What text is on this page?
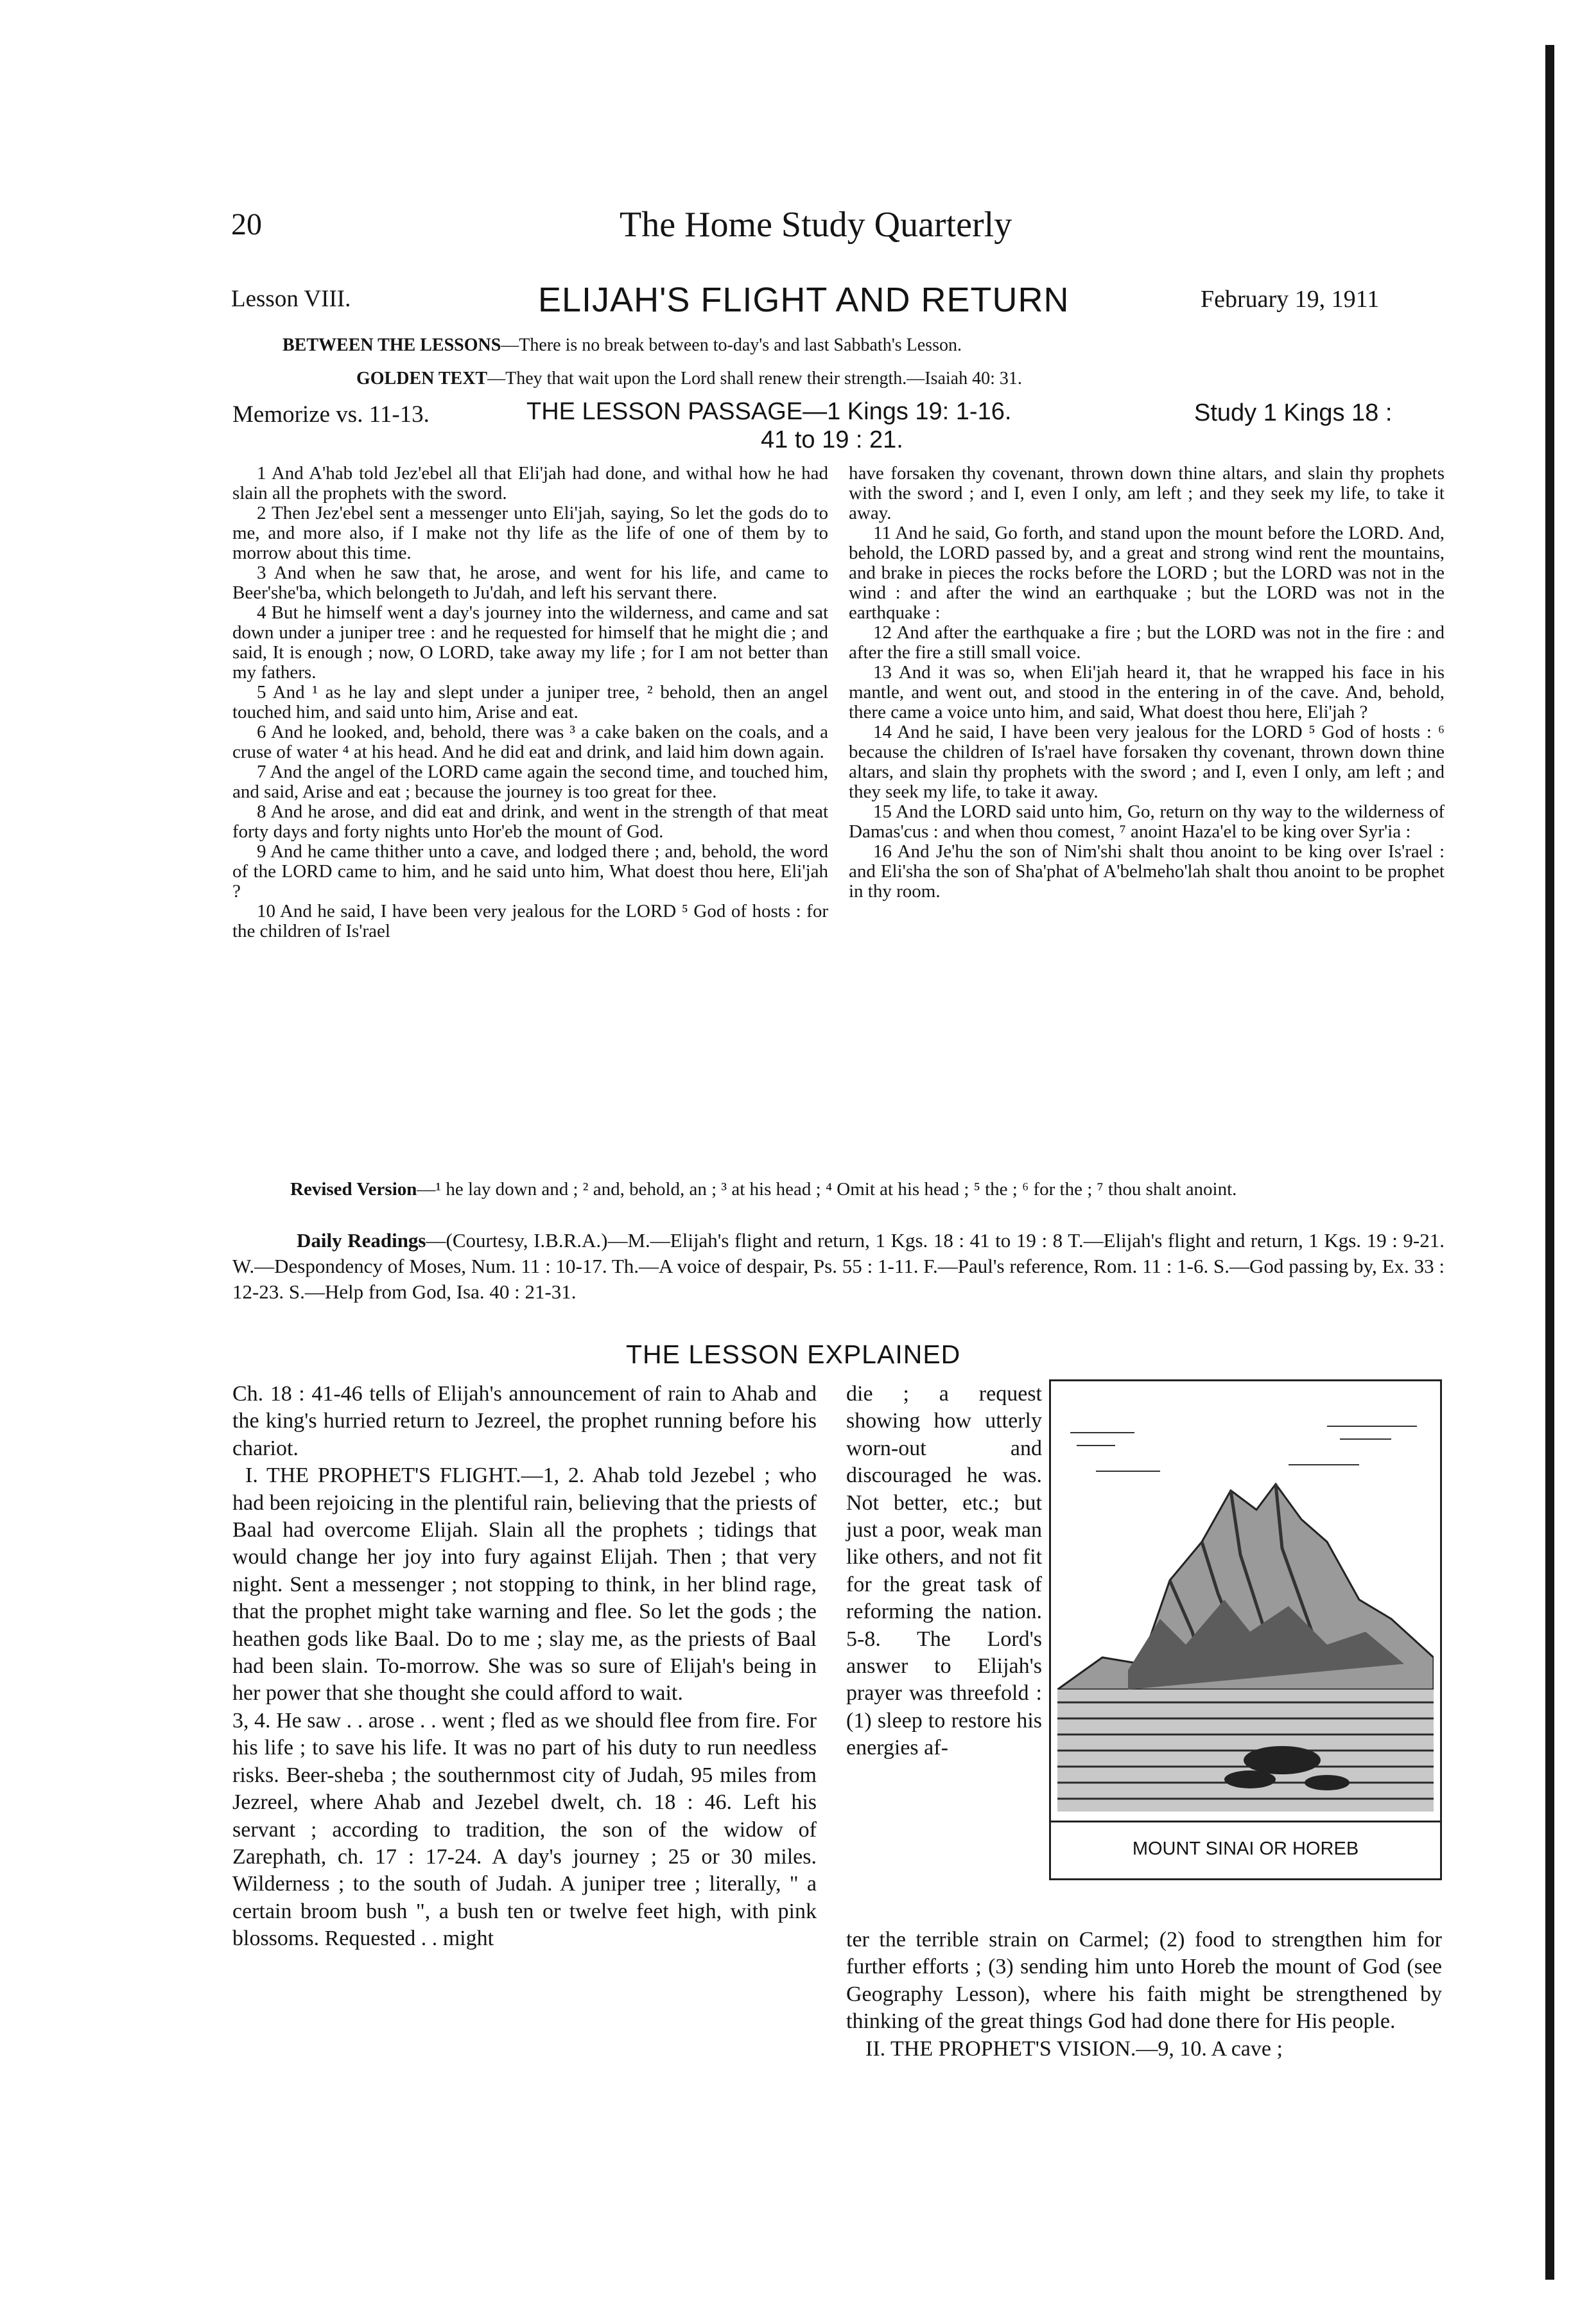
20	The Home Study Quarterly
Lesson VIII.	ELIJAH'S FLIGHT AND RETURN	February 19, 1911
BETWEEN THE LESSONS—There is no break between to-day's and last Sabbath's Lesson.
GOLDEN TEXT—They that wait upon the Lord shall renew their strength.—Isaiah 40: 31.
Memorize vs. 11-13.	THE LESSON PASSAGE—1 Kings 19: 1-16.	Study 1 Kings 18 :
41 to 19 : 21.

1 And A'hab told Jez'ebel all that Eli'jah had done, and withal how he had slain all the prophets with the sword.

2 Then Jez'ebel sent a messenger unto Eli'jah, saying, So let the gods do to me, and more also, if I make not thy life as the life of one of them by to morrow about this time.

3 And when he saw that, he arose, and went for his life, and came to Beer'she'ba, which belongeth to Ju'dah, and left his servant there.

4 But he himself went a day's journey into the wilderness, and came and sat down under a juniper tree : and he requested for himself that he might die ; and said, It is enough ; now, O LORD, take away my life ; for I am not better than my fathers.

5 And ¹ as he lay and slept under a juniper tree, ² behold, then an angel touched him, and said unto him, Arise and eat.

6 And he looked, and, behold, there was ³ a cake baken on the coals, and a cruse of water ⁴ at his head. And he did eat and drink, and laid him down again.

7 And the angel of the LORD came again the second time, and touched him, and said, Arise and eat ; because the journey is too great for thee.

8 And he arose, and did eat and drink, and went in the strength of that meat forty days and forty nights unto Hor'eb the mount of God.

9 And he came thither unto a cave, and lodged there ; and, behold, the word of the LORD came to him, and he said unto him, What doest thou here, Eli'jah ?

10 And he said, I have been very jealous for the LORD ⁵ God of hosts : for the children of Is'rael

have forsaken thy covenant, thrown down thine altars, and slain thy prophets with the sword ; and I, even I only, am left ; and they seek my life, to take it away.

11 And he said, Go forth, and stand upon the mount before the LORD. And, behold, the LORD passed by, and a great and strong wind rent the mountains, and brake in pieces the rocks before the LORD ; but the LORD was not in the wind : and after the wind an earthquake ; but the LORD was not in the earthquake :

12 And after the earthquake a fire ; but the LORD was not in the fire : and after the fire a still small voice.

13 And it was so, when Eli'jah heard it, that he wrapped his face in his mantle, and went out, and stood in the entering in of the cave. And, behold, there came a voice unto him, and said, What doest thou here, Eli'jah ?

14 And he said, I have been very jealous for the LORD ⁵ God of hosts : ⁶ because the children of Is'rael have forsaken thy covenant, thrown down thine altars, and slain thy prophets with the sword ; and I, even I only, am left ; and they seek my life, to take it away.

15 And the LORD said unto him, Go, return on thy way to the wilderness of Damas'cus : and when thou comest, ⁷ anoint Haza'el to be king over Syr'ia :

16 And Je'hu the son of Nim'shi shalt thou anoint to be king over Is'rael : and Eli'sha the son of Sha'phat of A'belmeho'lah shalt thou anoint to be prophet in thy room.

Revised Version—¹ he lay down and ; ² and, behold, an ; ³ at his head ; ⁴ Omit at his head ; ⁵ the ; ⁶ for the ; ⁷ thou shalt anoint.
Daily Readings—(Courtesy, I.B.R.A.)—M.—Elijah's flight and return, 1 Kgs. 18 : 41 to 19 : 8 T.—Elijah's flight and return, 1 Kgs. 19 : 9-21. W.—Despondency of Moses, Num. 11 : 10-17. Th.—A voice of despair, Ps. 55 : 1-11. F.—Paul's reference, Rom. 11 : 1-6. S.—God passing by, Ex. 33 : 12-23. S.—Help from God, Isa. 40 : 21-31.
THE LESSON EXPLAINED

Ch. 18 : 41-46 tells of Elijah's announcement of rain to Ahab and the king's hurried return to Jezreel, the prophet running before his chariot.

I. THE PROPHET'S FLIGHT.—1, 2. Ahab told Jezebel ; who had been rejoicing in the plentiful rain, believing that the priests of Baal had overcome Elijah. Slain all the prophets ; tidings that would change her joy into fury against Elijah. Then ; that very night. Sent a messenger ; not stopping to think, in her blind rage, that the prophet might take warning and flee. So let the gods ; the heathen gods like Baal. Do to me ; slay me, as the priests of Baal had been slain. To-morrow. She was so sure of Elijah's being in her power that she thought she could afford to wait.

3, 4. He saw . . arose . . went ; fled as we should flee from fire. For his life ; to save his life. It was no part of his duty to run needless risks. Beer-sheba ; the southernmost city of Judah, 95 miles from Jezreel, where Ahab and Jezebel dwelt, ch. 18 : 46. Left his servant ; according to tradition, the son of the widow of Zarephath, ch. 17 : 17-24. A day's journey ; 25 or 30 miles. Wilderness ; to the south of Judah. A juniper tree ; literally, " a certain broom bush ", a bush ten or twelve feet high, with pink blossoms. Requested . . might

die ; a request showing how utterly worn-out and discouraged he was. Not better, etc.; but just a poor, weak man like others, and not fit for the great task of reforming the nation. 5-8. The Lord's answer to Elijah's prayer was threefold : (1) sleep to restore his energies af-

MOUNT SINAI OR HOREB

ter the terrible strain on Carmel; (2) food to strengthen him for further efforts ; (3) sending him unto Horeb the mount of God (see Geography Lesson), where his faith might be strengthened by thinking of the great things God had done there for His people.

II. THE PROPHET'S VISION.—9, 10. A cave ;
